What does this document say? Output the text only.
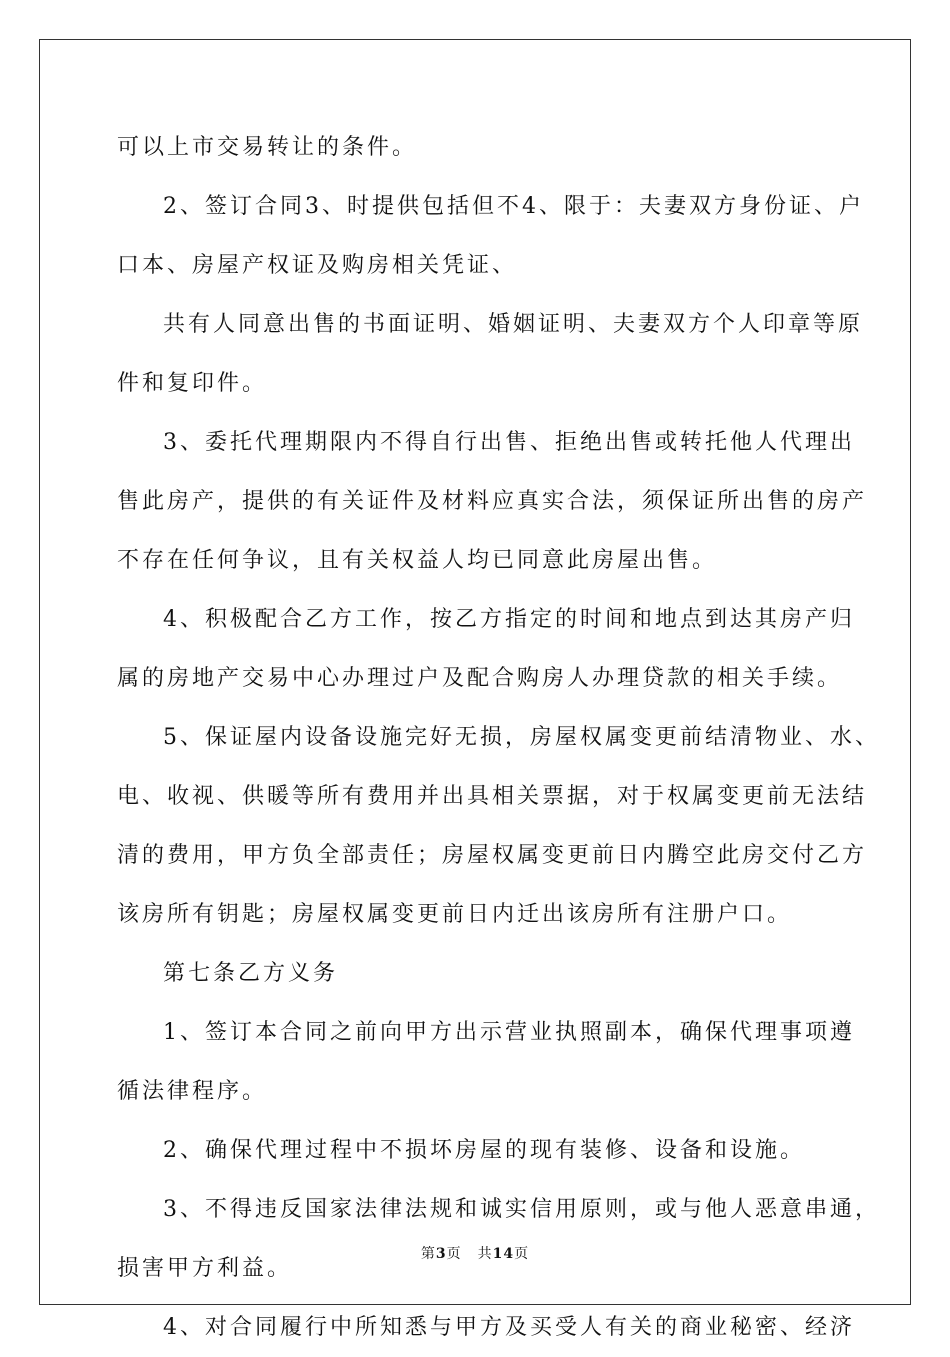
可以上市交易转让的条件。
2、签订合同3、时提供包括但不4、限于：夫妻双方身份证、户
口本、房屋产权证及购房相关凭证、
共有人同意出售的书面证明、婚姻证明、夫妻双方个人印章等原
件和复印件。
3、委托代理期限内不得自行出售、拒绝出售或转托他人代理出
售此房产，提供的有关证件及材料应真实合法，须保证所出售的房产
不存在任何争议，且有关权益人均已同意此房屋出售。
4、积极配合乙方工作，按乙方指定的时间和地点到达其房产归
属的房地产交易中心办理过户及配合购房人办理贷款的相关手续。
5、保证屋内设备设施完好无损，房屋权属变更前结清物业、水、
电、收视、供暖等所有费用并出具相关票据，对于权属变更前无法结
清的费用，甲方负全部责任；房屋权属变更前日内腾空此房交付乙方
该房所有钥匙；房屋权属变更前日内迁出该房所有注册户口。
第七条乙方义务
1、签订本合同之前向甲方出示营业执照副本，确保代理事项遵
循法律程序。
2、确保代理过程中不损坏房屋的现有装修、设备和设施。
3、不得违反国家法律法规和诚实信用原则，或与他人恶意串通，
损害甲方利益。
4、对合同履行中所知悉与甲方及买受人有关的商业秘密、经济
第3页 共14页
